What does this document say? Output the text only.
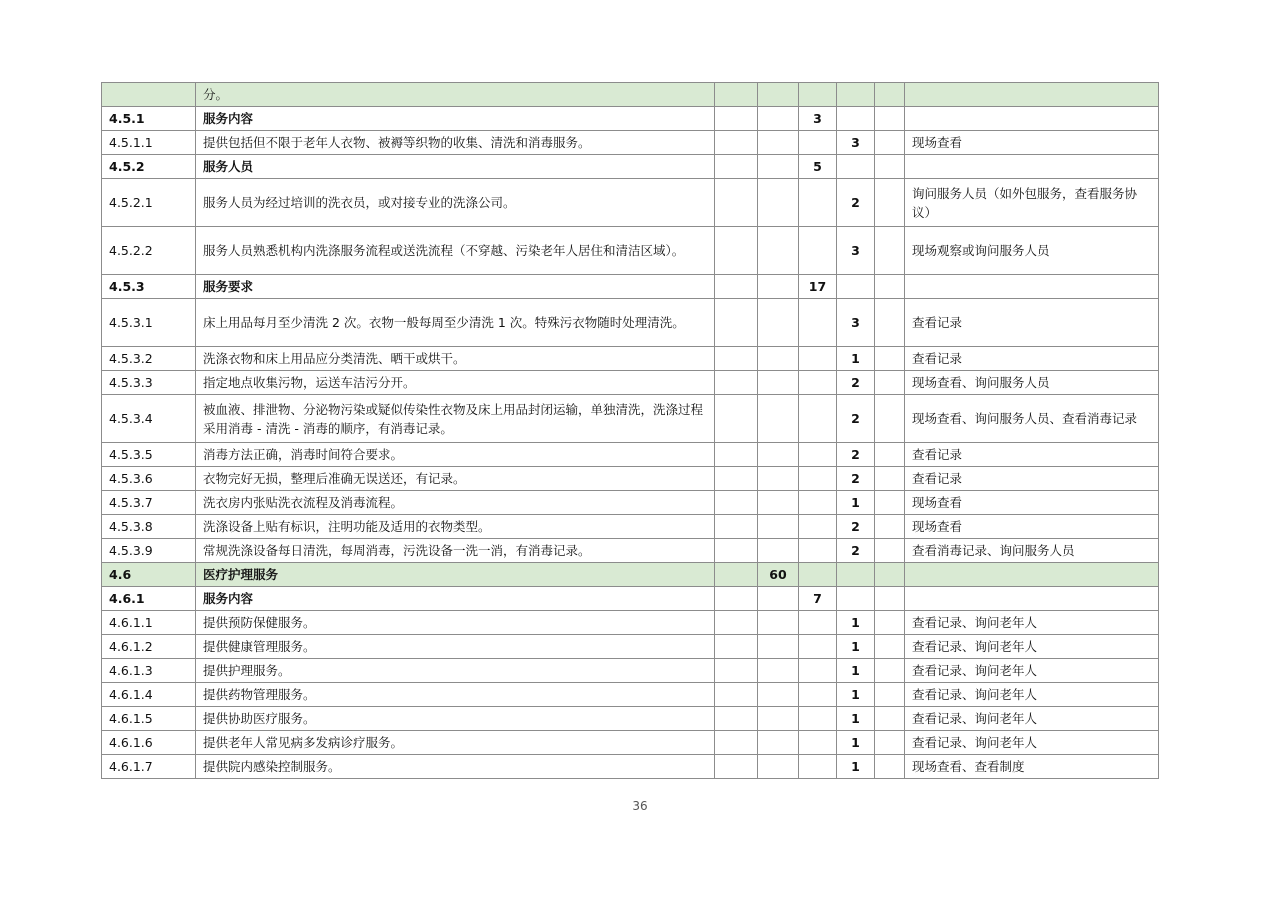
	分。						
4.5.1	服务内容			3			
4.5.1.1	提供包括但不限于老年人衣物、被褥等织物的收集、清洗和消毒服务。				3		现场查看
4.5.2	服务人员			5			
4.5.2.1	服务人员为经过培训的洗衣员，或对接专业的洗涤公司。				2		询问服务人员（如外包服务，查看服务协议）
4.5.2.2	服务人员熟悉机构内洗涤服务流程或送洗流程（不穿越、污染老年人居住和清洁区域）。				3		现场观察或询问服务人员
4.5.3	服务要求			17			
4.5.3.1	床上用品每月至少清洗 2 次。衣物一般每周至少清洗 1 次。特殊污衣物随时处理清洗。				3		查看记录
4.5.3.2	洗涤衣物和床上用品应分类清洗、晒干或烘干。				1		查看记录
4.5.3.3	指定地点收集污物，运送车洁污分开。				2		现场查看、询问服务人员
4.5.3.4	被血液、排泄物、分泌物污染或疑似传染性衣物及床上用品封闭运输，单独清洗，洗涤过程采用消毒 - 清洗 - 消毒的顺序，有消毒记录。				2		现场查看、询问服务人员、查看消毒记录
4.5.3.5	消毒方法正确，消毒时间符合要求。				2		查看记录
4.5.3.6	衣物完好无损，整理后准确无误送还，有记录。				2		查看记录
4.5.3.7	洗衣房内张贴洗衣流程及消毒流程。				1		现场查看
4.5.3.8	洗涤设备上贴有标识，注明功能及适用的衣物类型。				2		现场查看
4.5.3.9	常规洗涤设备每日清洗，每周消毒，污洗设备一洗一消，有消毒记录。				2		查看消毒记录、询问服务人员
4.6	医疗护理服务		60				
4.6.1	服务内容			7			
4.6.1.1	提供预防保健服务。				1		查看记录、询问老年人
4.6.1.2	提供健康管理服务。				1		查看记录、询问老年人
4.6.1.3	提供护理服务。				1		查看记录、询问老年人
4.6.1.4	提供药物管理服务。				1		查看记录、询问老年人
4.6.1.5	提供协助医疗服务。				1		查看记录、询问老年人
4.6.1.6	提供老年人常见病多发病诊疗服务。				1		查看记录、询问老年人
4.6.1.7	提供院内感染控制服务。				1		现场查看、查看制度
36
